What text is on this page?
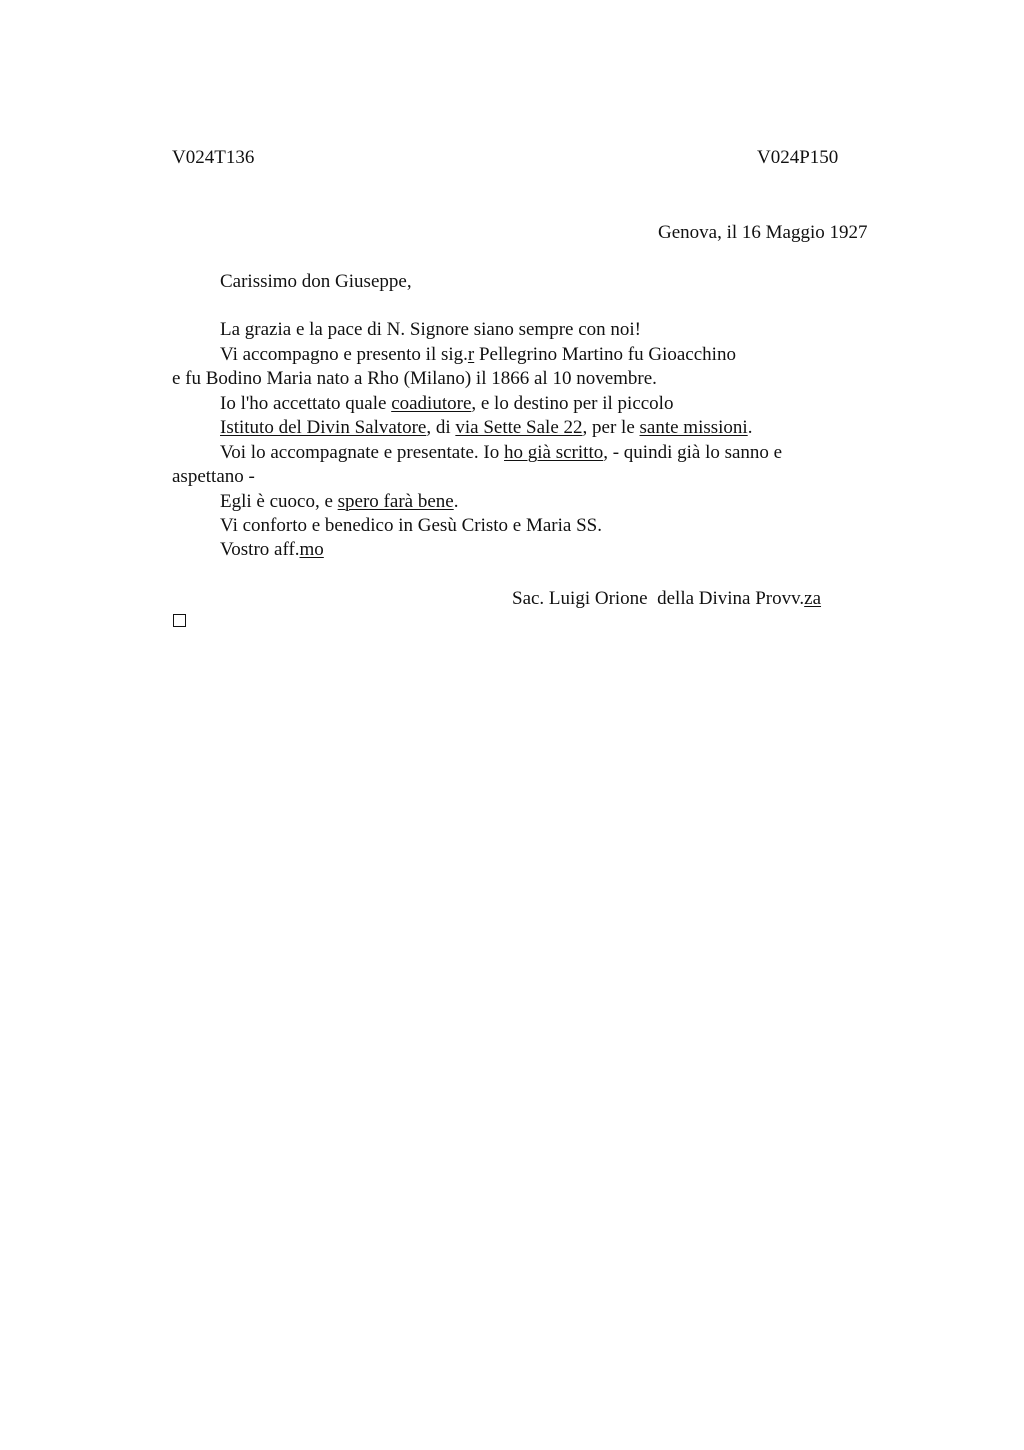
V024T136	V024P150
Genova, il 16 Maggio 1927
Carissimo don Giuseppe,
La grazia e la pace di N. Signore siano sempre con noi!
Vi accompagno e presento il sig.r Pellegrino Martino fu Gioacchino
e fu Bodino Maria nato a Rho (Milano) il 1866 al 10 novembre.
Io l'ho accettato quale coadiutore, e lo destino per il piccolo
Istituto del Divin Salvatore, di via Sette Sale 22, per le sante missioni.
Voi lo accompagnate e presentate. Io ho già scritto, - quindi già lo sanno e
aspettano -
Egli è cuoco, e spero farà bene.
Vi conforto e benedico in Gesù Cristo e Maria SS.
Vostro aff.mo
Sac. Luigi Orione  della Divina Provv.za
